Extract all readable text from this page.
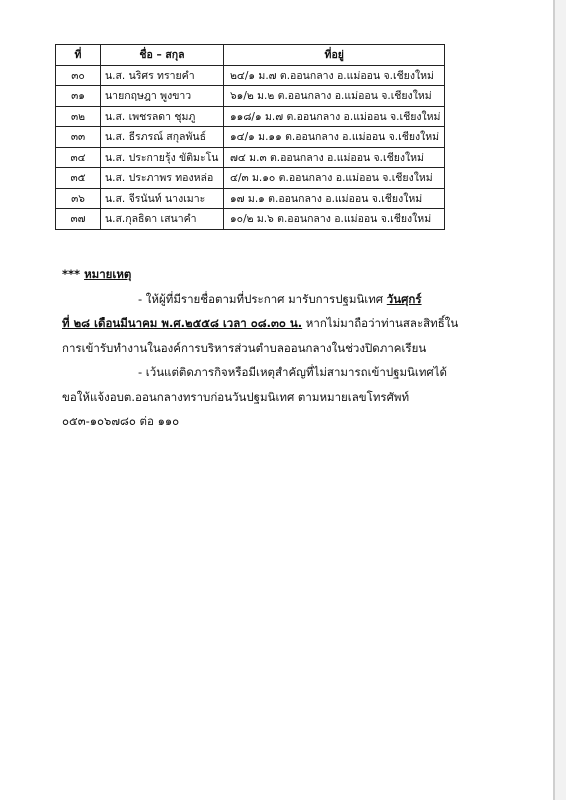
ที่	ชื่อ – สกุล	ที่อยู่
๓๐	น.ส. นริศร ทรายคำ	๒๔/๑ ม.๗ ต.ออนกลาง อ.แม่ออน จ.เชียงใหม่
๓๑	นายกฤษฎา พูงขาว	๖๑/๒ ม.๒ ต.ออนกลาง อ.แม่ออน จ.เชียงใหม่
๓๒	น.ส. เพชรลดา ชุมภู	๑๑๘/๑ ม.๗ ต.ออนกลาง อ.แม่ออน จ.เชียงใหม่
๓๓	น.ส. ธีรภรณ์ สกุลพันธ์	๑๔/๑ ม.๑๑ ต.ออนกลาง อ.แม่ออน จ.เชียงใหม่
๓๔	น.ส. ประกายรุ้ง ขัติมะโน	๗๔ ม.๓ ต.ออนกลาง อ.แม่ออน จ.เชียงใหม่
๓๕	น.ส. ประภาพร ทองหล่อ	๔/๓ ม.๑๐ ต.ออนกลาง อ.แม่ออน จ.เชียงใหม่
๓๖	น.ส. จีรนันท์ นางเมาะ	๑๗ ม.๑ ต.ออนกลาง อ.แม่ออน จ.เชียงใหม่
๓๗	น.ส.กุลธิดา เสนาคำ	๑๐/๒ ม.๖ ต.ออนกลาง อ.แม่ออน จ.เชียงใหม่
*** หมายเหตุ
- ให้ผู้ที่มีรายชื่อตามที่ประกาศ มารับการปฐมนิเทศ วันศุกร์
ที่ ๒๘ เดือนมีนาคม พ.ศ.๒๕๕๘ เวลา ๐๘.๓๐ น. หากไม่มาถือว่าท่านสละสิทธิ์ใน
การเข้ารับทำงานในองค์การบริหารส่วนตำบลออนกลางในช่วงปิดภาคเรียน
- เว้นแต่ติดภารกิจหรือมีเหตุสำคัญที่ไม่สามารถเข้าปฐมนิเทศได้
ขอให้แจ้งอบต.ออนกลางทราบก่อนวันปฐมนิเทศ ตามหมายเลขโทรศัพท์
๐๕๓-๑๐๖๗๘๐ ต่อ ๑๑๐
